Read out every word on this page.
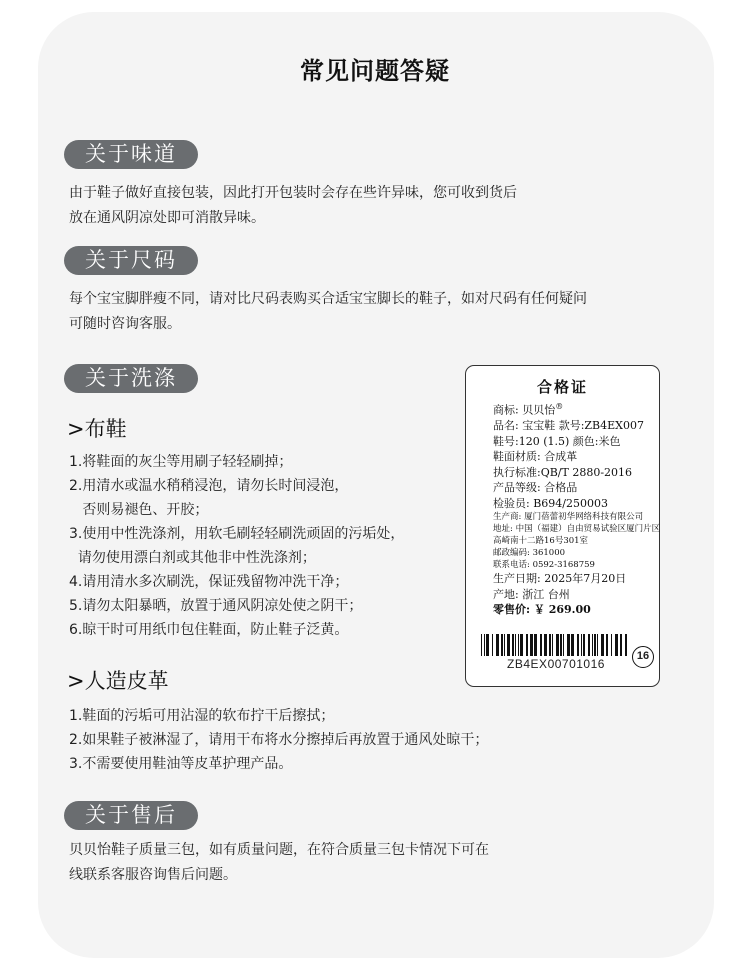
常见问题答疑
关于味道

由于鞋子做好直接包装，因此打开包装时会存在些许异味，您可收到货后
放在通风阴凉处即可消散异味。

关于尺码

每个宝宝脚胖瘦不同，请对比尺码表购买合适宝宝脚长的鞋子，如对尺码有任何疑问
可随时咨询客服。

关于洗涤
>布鞋
1.将鞋面的灰尘等用刷子轻轻刷掉；
2.用清水或温水稍稍浸泡，请勿长时间浸泡，
否则易褪色、开胶；
3.使用中性洗涤剂，用软毛刷轻轻刷洗顽固的污垢处，
请勿使用漂白剂或其他非中性洗涤剂；
4.请用清水多次刷洗，保证残留物冲洗干净；
5.请勿太阳暴晒，放置于通风阴凉处使之阴干；
6.晾干时可用纸巾包住鞋面，防止鞋子泛黄。
>人造皮革
1.鞋面的污垢可用沾湿的软布拧干后擦拭；
2.如果鞋子被淋湿了，请用干布将水分擦掉后再放置于通风处晾干；
3.不需要使用鞋油等皮革护理产品。
关于售后

贝贝怡鞋子质量三包，如有质量问题，在符合质量三包卡情况下可在
线联系客服咨询售后问题。

合格证
商标: 贝贝怡®
品名: 宝宝鞋 款号:ZB4EX007
鞋号:120 (1.5) 颜色:米色
鞋面材质: 合成革
执行标准:QB/T 2880-2016
产品等级: 合格品
检验员: B694/250003
生产商: 厦门蓓蕾初华网络科技有限公司
地址: 中国（福建）自由贸易试验区厦门片区
高崎南十二路16号301室
邮政编码: 361000
联系电话: 0592-3168759
生产日期: 2025年7月20日
产地: 浙江 台州
零售价: ￥ 269.00
ZB4EX00701016
16
